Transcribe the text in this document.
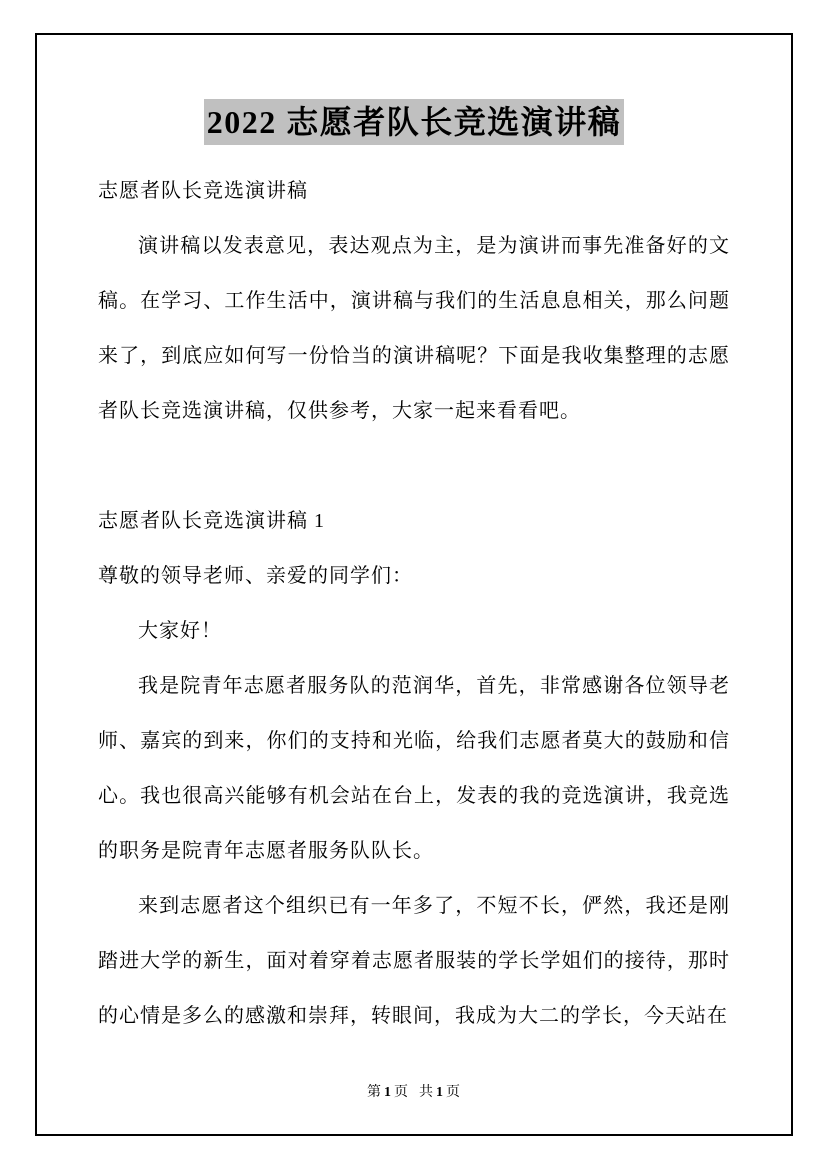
2022 志愿者队长竞选演讲稿

志愿者队长竞选演讲稿

演讲稿以发表意见，表达观点为主，是为演讲而事先准备好的文稿。在学习、工作生活中，演讲稿与我们的生活息息相关，那么问题来了，到底应如何写一份恰当的演讲稿呢？下面是我收集整理的志愿者队长竞选演讲稿，仅供参考，大家一起来看看吧。

志愿者队长竞选演讲稿 1

尊敬的领导老师、亲爱的同学们：

大家好！

我是院青年志愿者服务队的范润华，首先，非常感谢各位领导老师、嘉宾的到来，你们的支持和光临，给我们志愿者莫大的鼓励和信心。我也很高兴能够有机会站在台上，发表的我的竞选演讲，我竞选的职务是院青年志愿者服务队队长。

来到志愿者这个组织已有一年多了，不短不长，俨然，我还是刚踏进大学的新生，面对着穿着志愿者服装的学长学姐们的接待，那时的心情是多么的感激和崇拜，转眼间，我成为大二的学长，今天站在

第 1 页 共 1 页
